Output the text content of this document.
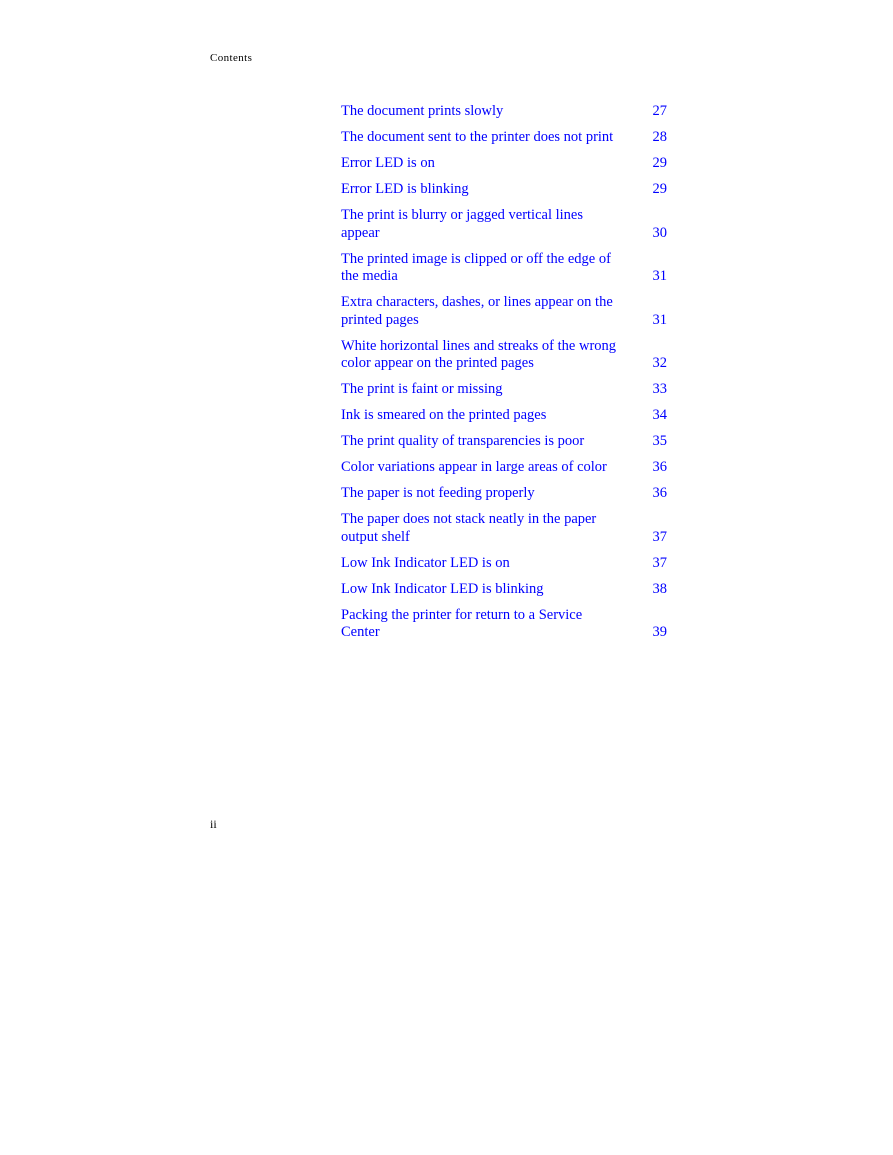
Contents
The document prints slowly	27
The document sent to the printer does not print	28
Error LED is on	29
Error LED is blinking	29
The print is blurry or jagged vertical lines appear	30
The printed image is clipped or off the edge of the media	31
Extra characters, dashes, or lines appear on the printed pages	31
White horizontal lines and streaks of the wrong color appear on the printed pages	32
The print is faint or missing	33
Ink is smeared on the printed pages	34
The print quality of transparencies is poor	35
Color variations appear in large areas of color	36
The paper is not feeding properly	36
The paper does not stack neatly in the paper output shelf	37
Low Ink Indicator LED is on	37
Low Ink Indicator LED is blinking	38
Packing the printer for return to a Service Center	39
ii
